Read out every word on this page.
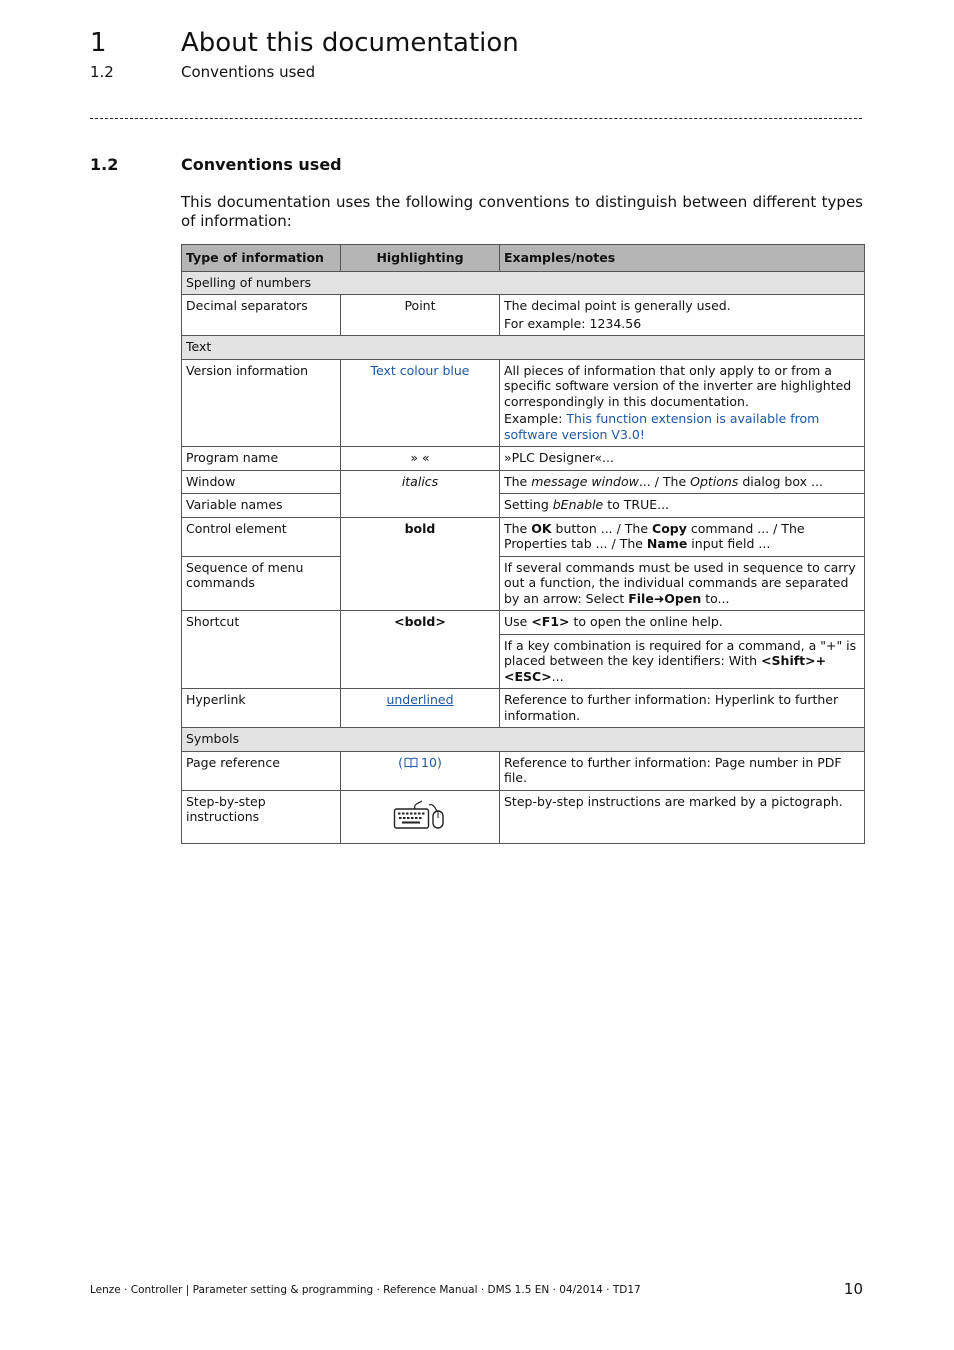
1	About this documentation
1.2	Conventions used
1.2	Conventions used

This documentation uses the following conventions to distinguish between different types of information:

Type of information	Highlighting	Examples/notes
Spelling of numbers		
Decimal separators	Point	The decimal point is generally used.
For example: 1234.56

Text		
Version information	Text colour blue	All pieces of information that only apply to or from a specific software version of the inverter are highlighted correspondingly in this documentation.
Example: This function extension is available from software version V3.0!

Program name	» «	»PLC Designer«...
Window	italics	The message window... / The Options dialog box ...
Variable names		Setting bEnable to TRUE...
Control element	bold	The OK button ... / The Copy command ... / The Properties tab ... / The Name input field ...
Sequence of menu commands		If several commands must be used in sequence to carry out a function, the individual commands are separated by an arrow: Select File➜Open to...
Shortcut	<bold>	Use <F1> to open the online help.
		If a key combination is required for a command, a "+" is placed between the key identifiers: With <Shift>+<ESC>...
Hyperlink	underlined	Reference to further information: Hyperlink to further information.
Symbols		
Page reference	( 10)	Reference to further information: Page number in PDF file.
Step-by-step instructions		Step-by-step instructions are marked by a pictograph.
Lenze · Controller | Parameter setting & programming · Reference Manual · DMS 1.5 EN · 04/2014 · TD17	10
